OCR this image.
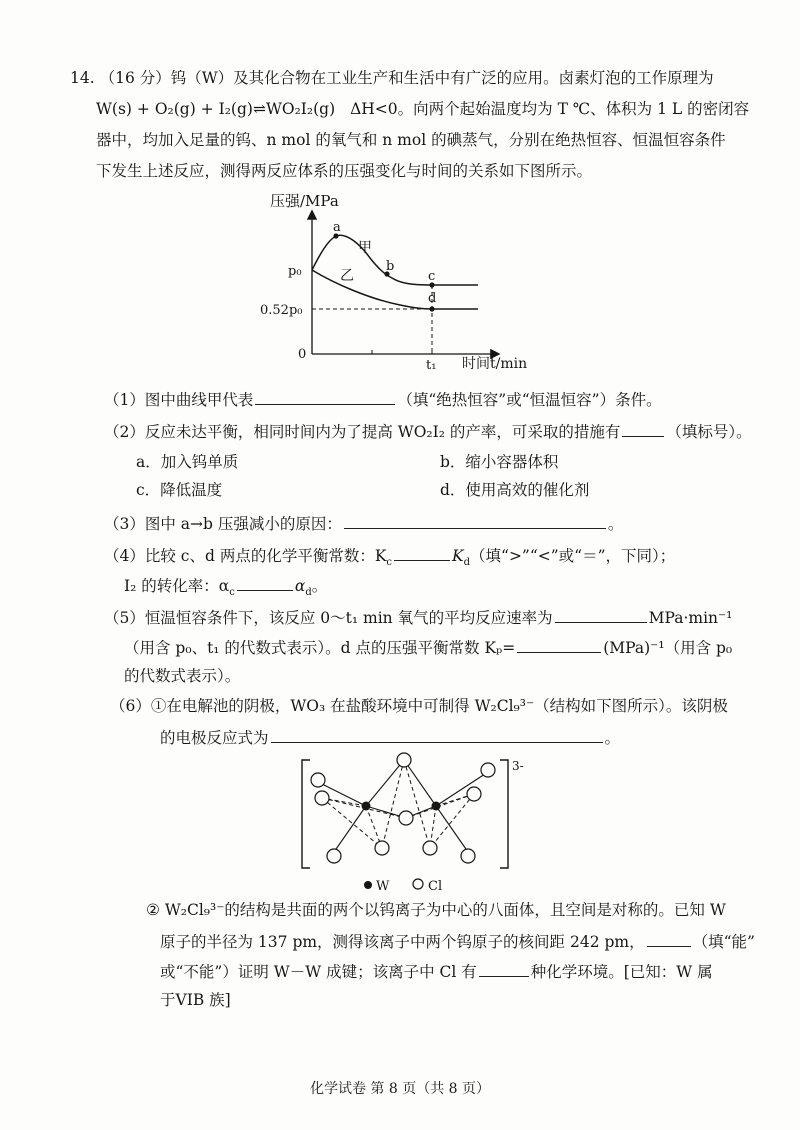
14. （16 分）钨（W）及其化合物在工业生产和生活中有广泛的应用。卤素灯泡的工作原理为
W(s) + O₂(g) + I₂(g)⇌WO₂I₂(g) ΔH<0。向两个起始温度均为 T ℃、体积为 1 L 的密闭容
器中，均加入足量的钨、n mol 的氧气和 n mol 的碘蒸气，分别在绝热恒容、恒温恒容条件
下发生上述反应，测得两反应体系的压强变化与时间的关系如下图所示。
压强/MPa
时间t/min
0
p₀
0.52p₀
t₁
a
b
c
d
甲
乙
（1）图中曲线甲代表	（填“绝热恒容”或“恒温恒容”）条件。
（2）反应未达平衡，相同时间内为了提高 WO₂I₂ 的产率，可采取的措施有	（填标号）。
a．加入钨单质	b．缩小容器体积
c．降低温度	d．使用高效的催化剂
（3）图中 a→b 压强减小的原因：	。
（4）比较 c、d 两点的化学平衡常数：$K_c$	$K_d$（填“>”“<”或“＝”，下同）；
I₂ 的转化率：$\alpha_c$	$\alpha_d$。
（5）恒温恒容条件下，该反应 0～t₁ min 氧气的平均反应速率为	MPa·min⁻¹
（用含 p₀、t₁ 的代数式表示）。d 点的压强平衡常数 Kₚ=	(MPa)⁻¹（用含 p₀
的代数式表示）。
（6）①在电解池的阴极，WO₃ 在盐酸环境中可制得 W₂Cl₉³⁻（结构如下图所示）。该阴极
的电极反应式为	。
3-
W	Cl
② W₂Cl₉³⁻的结构是共面的两个以钨离子为中心的八面体，且空间是对称的。已知 W
原子的半径为 137 pm，测得该离子中两个钨原子的核间距 242 pm，	（填“能”
或“不能”）证明 W－W 成键；该离子中 Cl 有	种化学环境。[已知：W 属
于VIB 族]
化学试卷 第 8 页（共 8 页）
